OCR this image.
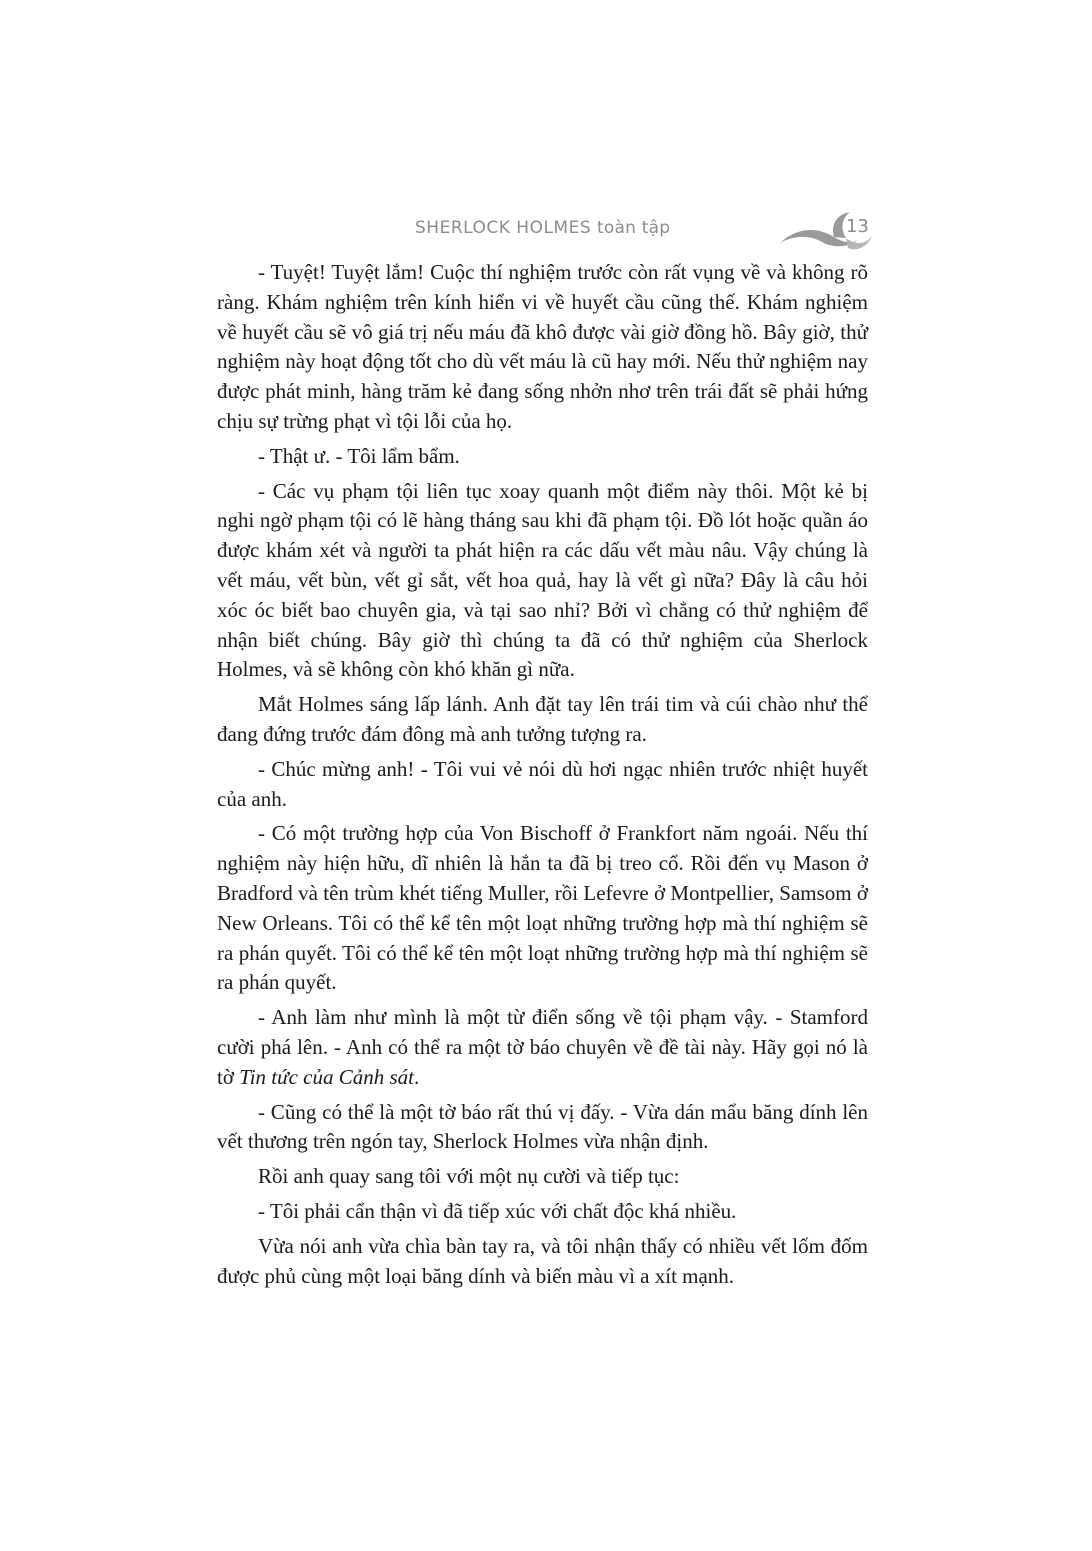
SHERLOCK HOLMES toàn tập	13

- Tuyệt! Tuyệt lắm! Cuộc thí nghiệm trước còn rất vụng về và không rõ ràng. Khám nghiệm trên kính hiển vi về huyết cầu cũng thế. Khám nghiệm về huyết cầu sẽ vô giá trị nếu máu đã khô được vài giờ đồng hồ. Bây giờ, thử nghiệm này hoạt động tốt cho dù vết máu là cũ hay mới. Nếu thử nghiệm nay được phát minh, hàng trăm kẻ đang sống nhởn nhơ trên trái đất sẽ phải hứng chịu sự trừng phạt vì tội lỗi của họ.

- Thật ư. - Tôi lẩm bẩm.

- Các vụ phạm tội liên tục xoay quanh một điểm này thôi. Một kẻ bị nghi ngờ phạm tội có lẽ hàng tháng sau khi đã phạm tội. Đồ lót hoặc quần áo được khám xét và người ta phát hiện ra các dấu vết màu nâu. Vậy chúng là vết máu, vết bùn, vết gỉ sắt, vết hoa quả, hay là vết gì nữa? Đây là câu hỏi xóc óc biết bao chuyên gia, và tại sao nhỉ? Bởi vì chẳng có thử nghiệm để nhận biết chúng. Bây giờ thì chúng ta đã có thử nghiệm của Sherlock Holmes, và sẽ không còn khó khăn gì nữa.

Mắt Holmes sáng lấp lánh. Anh đặt tay lên trái tim và cúi chào như thể đang đứng trước đám đông mà anh tưởng tượng ra.

- Chúc mừng anh! - Tôi vui vẻ nói dù hơi ngạc nhiên trước nhiệt huyết của anh.

- Có một trường hợp của Von Bischoff ở Frankfort năm ngoái. Nếu thí nghiệm này hiện hữu, dĩ nhiên là hắn ta đã bị treo cổ. Rồi đến vụ Mason ở Bradford và tên trùm khét tiếng Muller, rồi Lefevre ở Montpellier, Samsom ở New Orleans. Tôi có thể kể tên một loạt những trường hợp mà thí nghiệm sẽ ra phán quyết. Tôi có thể kể tên một loạt những trường hợp mà thí nghiệm sẽ ra phán quyết.

- Anh làm như mình là một từ điển sống về tội phạm vậy. - Stamford cười phá lên. - Anh có thể ra một tờ báo chuyên về đề tài này. Hãy gọi nó là tờ Tin tức của Cảnh sát.

- Cũng có thể là một tờ báo rất thú vị đấy. - Vừa dán mẩu băng dính lên vết thương trên ngón tay, Sherlock Holmes vừa nhận định.

Rồi anh quay sang tôi với một nụ cười và tiếp tục:

- Tôi phải cẩn thận vì đã tiếp xúc với chất độc khá nhiều.

Vừa nói anh vừa chìa bàn tay ra, và tôi nhận thấy có nhiều vết lốm đốm được phủ cùng một loại băng dính và biến màu vì a xít mạnh.
